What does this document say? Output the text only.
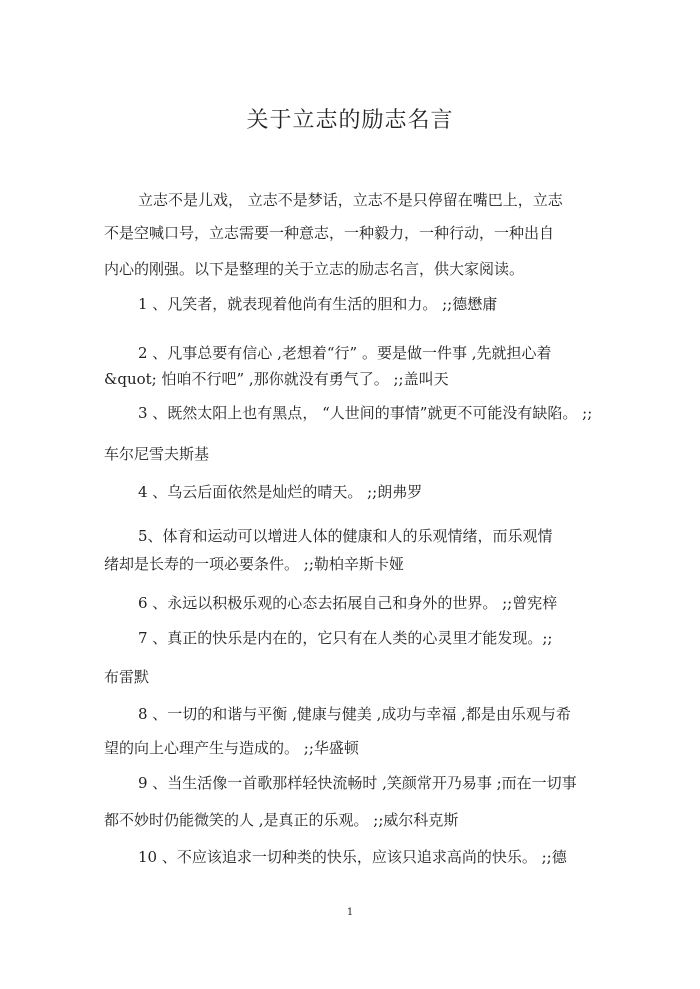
关于立志的励志名言
立志不是儿戏， 立志不是梦话，立志不是只停留在嘴巴上，立志
不是空喊口号，立志需要一种意志，一种毅力，一种行动，一种出自
内心的刚强。以下是整理的关于立志的励志名言，供大家阅读。
1 、凡笑者，就表现着他尚有生活的胆和力。 ;;德懋庸
2 、凡事总要有信心 ,老想着“行” 。要是做一件事 ,先就担心着
&quot; 怕咱不行吧” ,那你就没有勇气了。 ;;盖叫天
3 、既然太阳上也有黑点， “人世间的事情”就更不可能没有缺陷。 ;;
车尔尼雪夫斯基
4 、乌云后面依然是灿烂的晴天。 ;;朗弗罗
5、体育和运动可以增进人体的健康和人的乐观情绪，而乐观情
绪却是长寿的一项必要条件。 ;;勒柏辛斯卡娅
6 、永远以积极乐观的心态去拓展自己和身外的世界。 ;;曾宪梓
7 、真正的快乐是内在的，它只有在人类的心灵里才能发现。;;
布雷默
8 、一切的和谐与平衡 ,健康与健美 ,成功与幸福 ,都是由乐观与希
望的向上心理产生与造成的。 ;;华盛顿
9 、当生活像一首歌那样轻快流畅时 ,笑颜常开乃易事 ;而在一切事
都不妙时仍能微笑的人 ,是真正的乐观。 ;;威尔科克斯
10 、不应该追求一切种类的快乐，应该只追求高尚的快乐。 ;;德
1
